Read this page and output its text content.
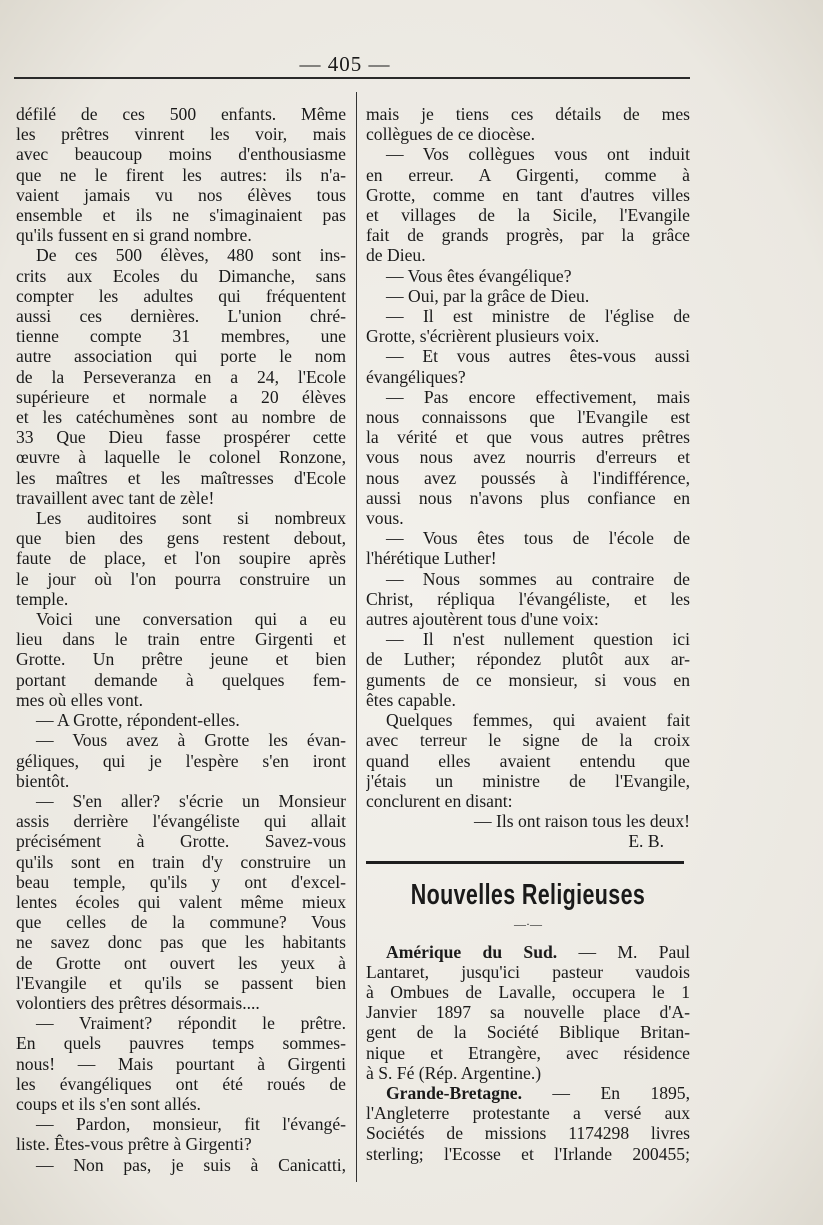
— 405 —
défilé de ces 500 enfants. Même
les prêtres vinrent les voir, mais
avec beaucoup moins d'enthousiasme
que ne le firent les autres: ils n'a-
vaient jamais vu nos élèves tous
ensemble et ils ne s'imaginaient pas
qu'ils fussent en si grand nombre.
De ces 500 élèves, 480 sont ins-
crits aux Ecoles du Dimanche, sans
compter les adultes qui fréquentent
aussi ces dernières. L'union chré-
tienne compte 31 membres, une
autre association qui porte le nom
de la Perseveranza en a 24, l'Ecole
supérieure et normale a 20 élèves
et les catéchumènes sont au nombre de
33 Que Dieu fasse prospérer cette
œuvre à laquelle le colonel Ronzone,
les maîtres et les maîtresses d'Ecole
travaillent avec tant de zèle!
Les auditoires sont si nombreux
que bien des gens restent debout,
faute de place, et l'on soupire après
le jour où l'on pourra construire un
temple.
Voici une conversation qui a eu
lieu dans le train entre Girgenti et
Grotte. Un prêtre jeune et bien
portant demande à quelques fem-
mes où elles vont.
— A Grotte, répondent-elles.
— Vous avez à Grotte les évan-
géliques, qui je l'espère s'en iront
bientôt.
— S'en aller? s'écrie un Monsieur
assis derrière l'évangéliste qui allait
précisément à Grotte. Savez-vous
qu'ils sont en train d'y construire un
beau temple, qu'ils y ont d'excel-
lentes écoles qui valent même mieux
que celles de la commune? Vous
ne savez donc pas que les habitants
de Grotte ont ouvert les yeux à
l'Evangile et qu'ils se passent bien
volontiers des prêtres désormais....
— Vraiment? répondit le prêtre.
En quels pauvres temps sommes-
nous! — Mais pourtant à Girgenti
les évangéliques ont été roués de
coups et ils s'en sont allés.
— Pardon, monsieur, fit l'évangé-
liste. Êtes-vous prêtre à Girgenti?
— Non pas, je suis à Canicatti,
mais je tiens ces détails de mes
collègues de ce diocèse.
— Vos collègues vous ont induit
en erreur. A Girgenti, comme à
Grotte, comme en tant d'autres villes
et villages de la Sicile, l'Evangile
fait de grands progrès, par la grâce
de Dieu.
— Vous êtes évangélique?
— Oui, par la grâce de Dieu.
— Il est ministre de l'église de
Grotte, s'écrièrent plusieurs voix.
— Et vous autres êtes-vous aussi
évangéliques?
— Pas encore effectivement, mais
nous connaissons que l'Evangile est
la vérité et que vous autres prêtres
vous nous avez nourris d'erreurs et
nous avez poussés à l'indifférence,
aussi nous n'avons plus confiance en
vous.
— Vous êtes tous de l'école de
l'hérétique Luther!
— Nous sommes au contraire de
Christ, répliqua l'évangéliste, et les
autres ajoutèrent tous d'une voix:
— Il n'est nullement question ici
de Luther; répondez plutôt aux ar-
guments de ce monsieur, si vous en
êtes capable.
Quelques femmes, qui avaient fait
avec terreur le signe de la croix
quand elles avaient entendu que
j'étais un ministre de l'Evangile,
conclurent en disant:
— Ils ont raison tous les deux!
E. B.
Nouvelles Religieuses
—·—
Amérique du Sud. — M. Paul
Lantaret, jusqu'ici pasteur vaudois
à Ombues de Lavalle, occupera le 1
Janvier 1897 sa nouvelle place d'A-
gent de la Société Biblique Britan-
nique et Etrangère, avec résidence
à S. Fé (Rép. Argentine.)
Grande-Bretagne. — En 1895,
l'Angleterre protestante a versé aux
Sociétés de missions 1174298 livres
sterling; l'Ecosse et l'Irlande 200455;
